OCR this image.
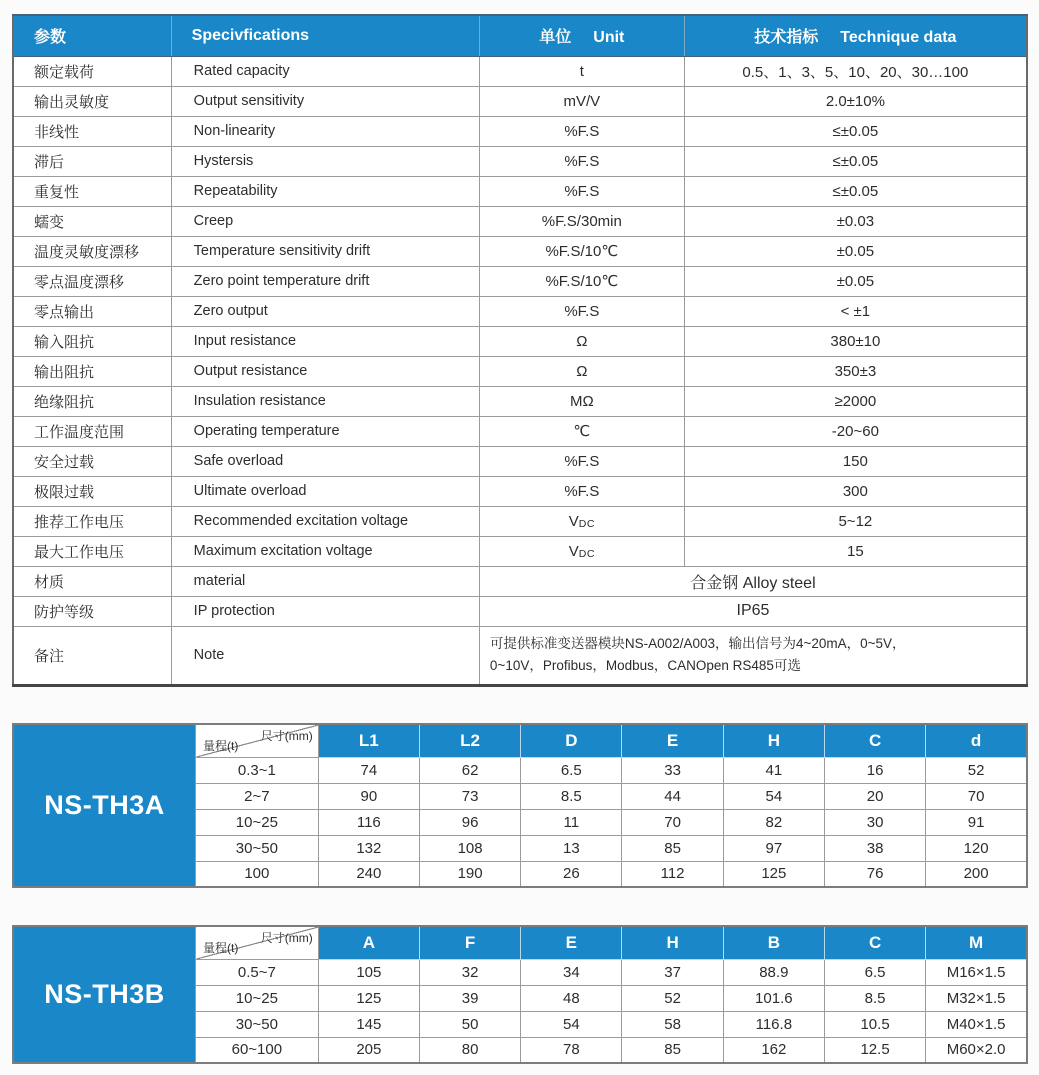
参数	Specivfications	单位 Unit	技术指标 Technique data
额定载荷	Rated capacity	t	0.5、1、3、5、10、20、30…100
输出灵敏度	Output sensitivity	mV/V	2.0±10%
非线性	Non-linearity	%F.S	≤±0.05
滞后	Hystersis	%F.S	≤±0.05
重复性	Repeatability	%F.S	≤±0.05
蠕变	Creep	%F.S/30min	±0.03
温度灵敏度漂移	Temperature sensitivity drift	%F.S/10℃	±0.05
零点温度漂移	Zero point temperature drift	%F.S/10℃	±0.05
零点输出	Zero output	%F.S	< ±1
输入阻抗	Input resistance	Ω	380±10
输出阻抗	Output resistance	Ω	350±3
绝缘阻抗	Insulation resistance	MΩ	≥2000
工作温度范围	Operating temperature	℃	-20~60
安全过载	Safe overload	%F.S	150
极限过载	Ultimate overload	%F.S	300
推荐工作电压	Recommended excitation voltage	VDC	5~12
最大工作电压	Maximum excitation voltage	VDC	15
材质	material	合金钢 Alloy steel	
防护等级	IP protection	IP65	
备注	Note	可提供标准变送器模块NS-A002/A003，输出信号为4~20mA，0~5V，
0~10V，Profibus，Modbus，CANOpen RS485可选	
NS-TH3A	尺寸(mm)
量程(t)	L1	L2	D	E	H	C	d
	0.3~1	74	62	6.5	33	41	16	52
	2~7	90	73	8.5	44	54	20	70
	10~25	116	96	11	70	82	30	91
	30~50	132	108	13	85	97	38	120
	100	240	190	26	112	125	76	200
NS-TH3B	尺寸(mm)
量程(t)	A	F	E	H	B	C	M
	0.5~7	105	32	34	37	88.9	6.5	M16×1.5
	10~25	125	39	48	52	101.6	8.5	M32×1.5
	30~50	145	50	54	58	116.8	10.5	M40×1.5
	60~100	205	80	78	85	162	12.5	M60×2.0
